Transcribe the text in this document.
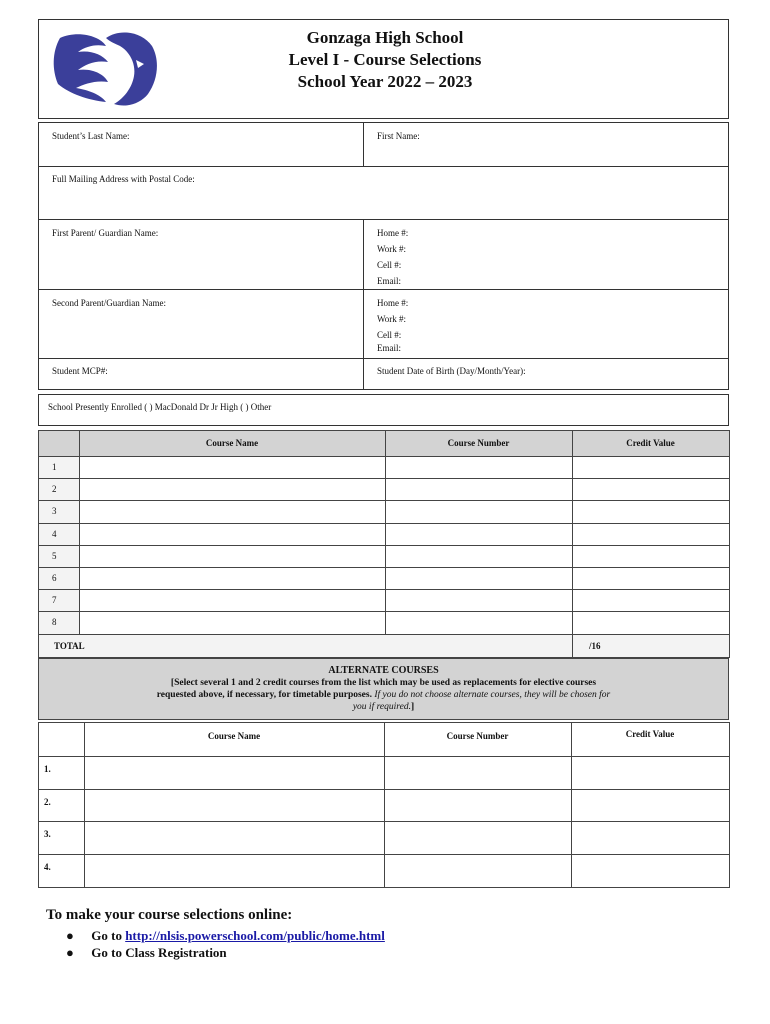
Gonzaga High School
Level I - Course Selections
School Year 2022 – 2023
Student’s Last Name:	First Name:
Full Mailing Address with Postal Code:
First Parent/ Guardian Name:	Home #:
Work #:
Cell #:
Email:
Second Parent/Guardian Name:	Home #:
Work #:
Cell #:
Email:
Student MCP#:	Student Date of Birth (Day/Month/Year):
School Presently Enrolled ( ) MacDonald Dr Jr High ( ) Other
Course Name	Course Number	Credit Value
1
2
3
4
5
6
7
8
TOTAL	/16
ALTERNATE COURSES
[Select several 1 and 2 credit courses from the list which may be used as replacements for elective courses
requested above, if necessary, for timetable purposes. If you do not choose alternate courses, they will be chosen for
you if required.]
Course Name	Course Number	Credit Value
1.
2.
3.
4.
To make your course selections online:
● Go to http://nlsis.powerschool.com/public/home.html
● Go to Class Registration
